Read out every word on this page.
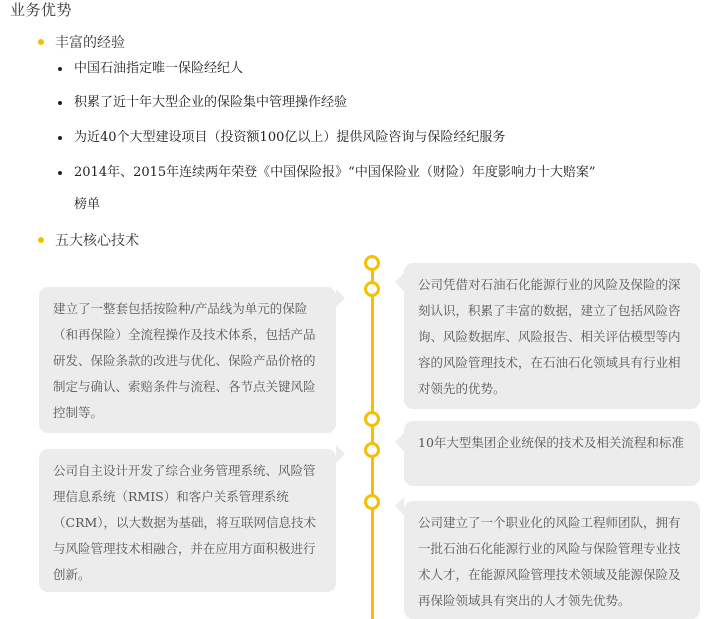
业务优势
丰富的经验
中国石油指定唯一保险经纪人
积累了近十年大型企业的保险集中管理操作经验
为近40个大型建设项目（投资额100亿以上）提供风险咨询与保险经纪服务
2014年、2015年连续两年荣登《中国保险报》“中国保险业（财险）年度影响力十大赔案”
榜单
五大核心技术
公司凭借对石油石化能源行业的风险及保险的深刻认识，积累了丰富的数据，建立了包括风险咨询、风险数据库、风险报告、相关评估模型等内容的风险管理技术，在石油石化领域具有行业相对领先的优势。
建立了一整套包括按险种/产品线为单元的保险（和再保险）全流程操作及技术体系，包括产品研发、保险条款的改进与优化、保险产品价格的制定与确认、索赔条件与流程、各节点关键风险控制等。
10年大型集团企业统保的技术及相关流程和标准
公司自主设计开发了综合业务管理系统、风险管理信息系统（RMIS）和客户关系管理系统（CRM），以大数据为基础，将互联网信息技术与风险管理技术相融合，并在应用方面积极进行创新。
公司建立了一个职业化的风险工程师团队，拥有一批石油石化能源行业的风险与保险管理专业技术人才，在能源风险管理技术领域及能源保险及再保险领域具有突出的人才领先优势。
